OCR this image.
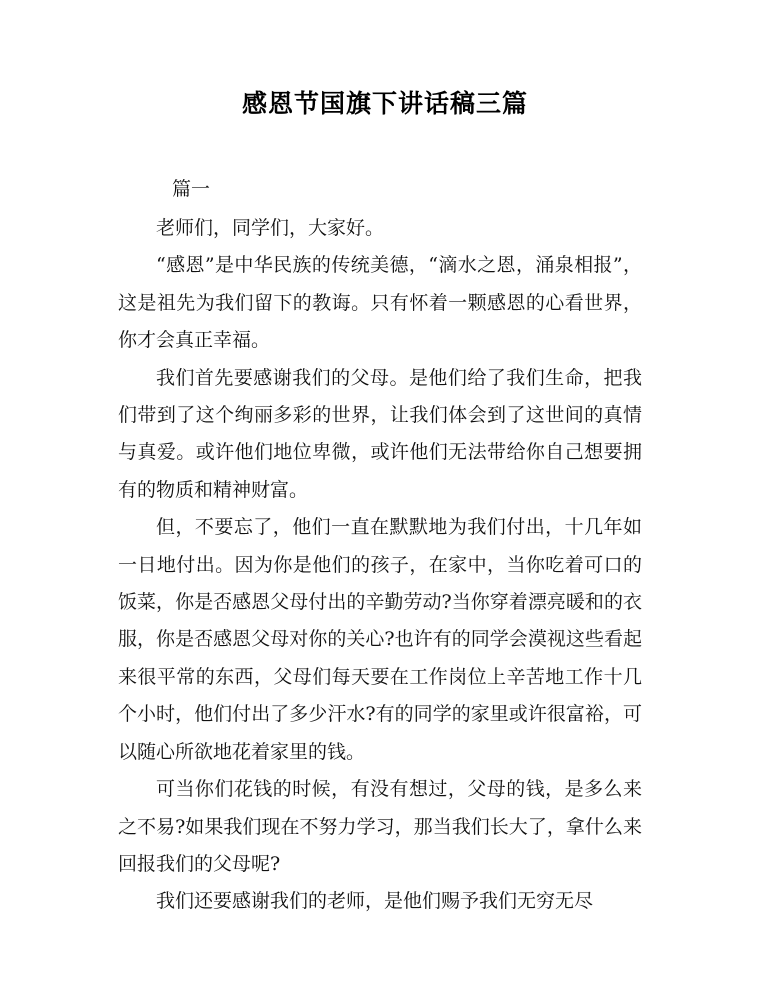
感恩节国旗下讲话稿三篇
篇一

老师们，同学们，大家好。

“感恩”是中华民族的传统美德，“滴水之恩，涌泉相报”，这是祖先为我们留下的教诲。只有怀着一颗感恩的心看世界，你才会真正幸福。

我们首先要感谢我们的父母。是他们给了我们生命，把我们带到了这个绚丽多彩的世界，让我们体会到了这世间的真情与真爱。或许他们地位卑微，或许他们无法带给你自己想要拥有的物质和精神财富。

但，不要忘了，他们一直在默默地为我们付出，十几年如一日地付出。因为你是他们的孩子，在家中，当你吃着可口的饭菜，你是否感恩父母付出的辛勤劳动?当你穿着漂亮暖和的衣服，你是否感恩父母对你的关心?也许有的同学会漠视这些看起来很平常的东西，父母们每天要在工作岗位上辛苦地工作十几个小时，他们付出了多少汗水?有的同学的家里或许很富裕，可以随心所欲地花着家里的钱。

可当你们花钱的时候，有没有想过，父母的钱，是多么来之不易?如果我们现在不努力学习，那当我们长大了，拿什么来回报我们的父母呢?

我们还要感谢我们的老师，是他们赐予我们无穷无尽
